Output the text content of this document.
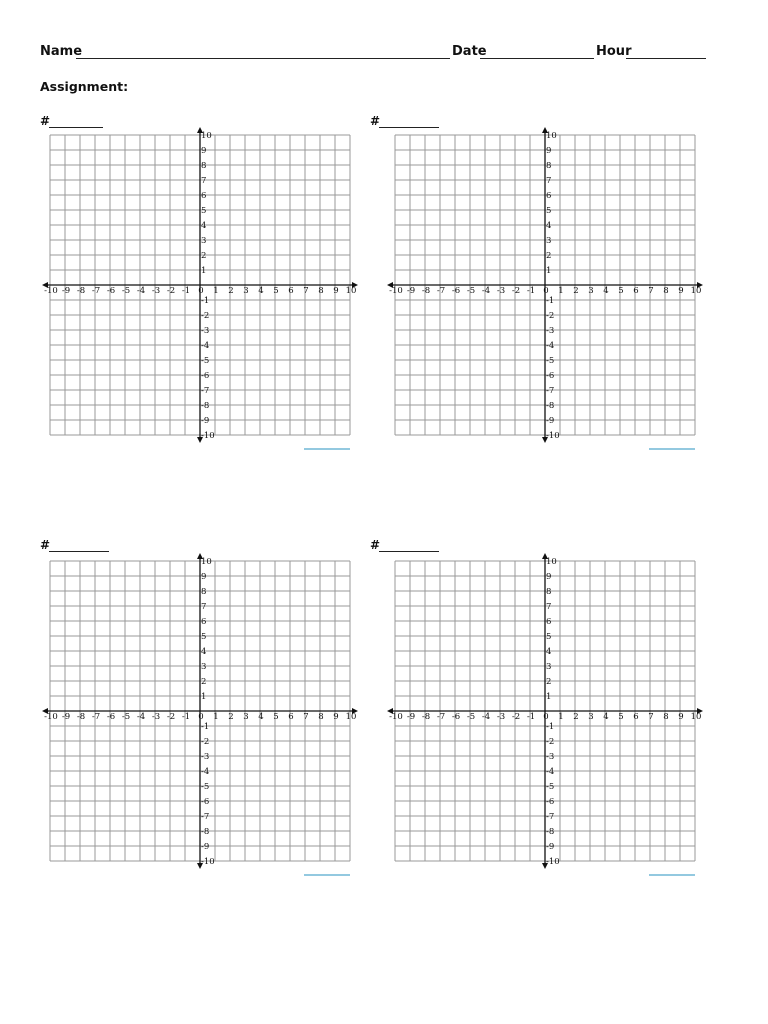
Name	Date	Hour
Assignment:
#	#
#	#
-10 -9 -8 -7 -6 -5 -4 -3 -2 -1 0 1 2 3 4 5 6 7 8 9 10
-10
-9
-8
-7
-6
-5
-4
-3
-2
-1
1
2
3
4
5
6
7
8
9
10
-10 -9 -8 -7 -6 -5 -4 -3 -2 -1 0 1 2 3 4 5 6 7 8 9 10
-10
-9
-8
-7
-6
-5
-4
-3
-2
-1
1
2
3
4
5
6
7
8
9
10
-10 -9 -8 -7 -6 -5 -4 -3 -2 -1 0 1 2 3 4 5 6 7 8 9 10
-10
-9
-8
-7
-6
-5
-4
-3
-2
-1
1
2
3
4
5
6
7
8
9
10
-10 -9 -8 -7 -6 -5 -4 -3 -2 -1 0 1 2 3 4 5 6 7 8 9 10
-10
-9
-8
-7
-6
-5
-4
-3
-2
-1
1
2
3
4
5
6
7
8
9
10
